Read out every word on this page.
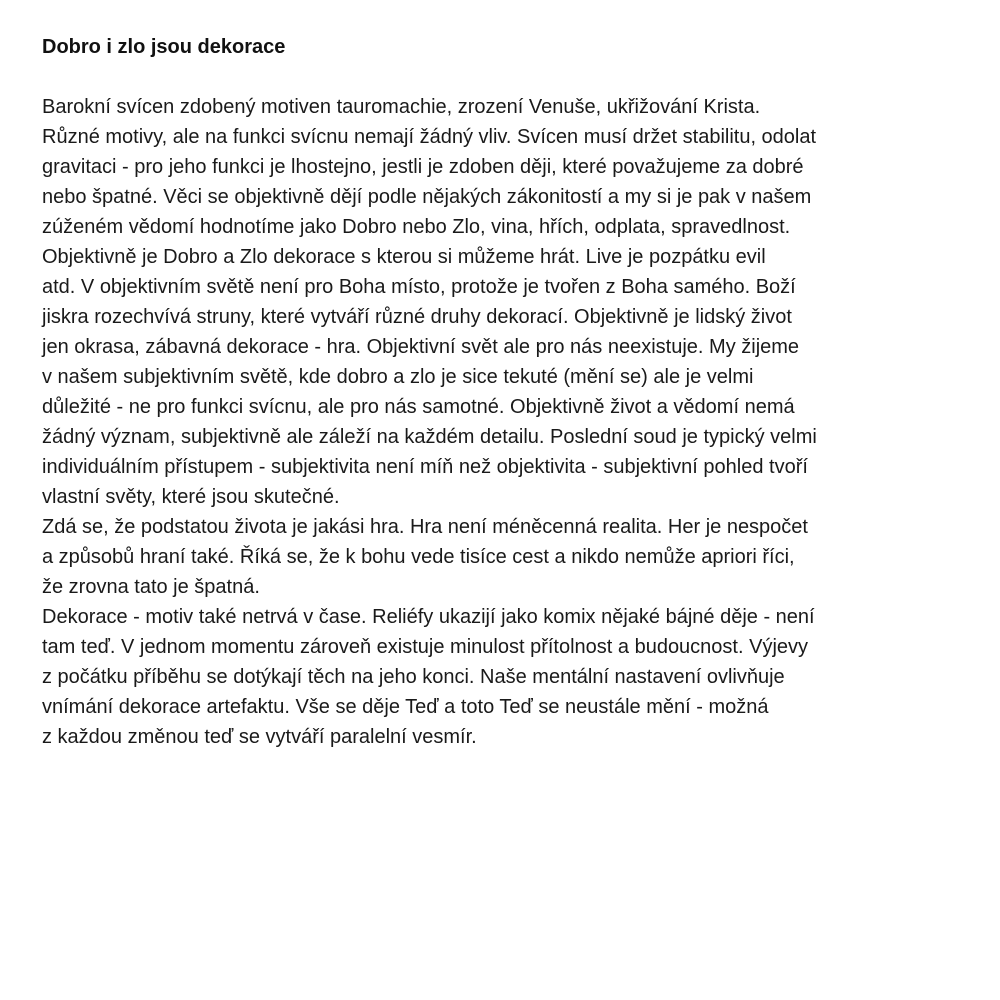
Dobro i zlo jsou dekorace

Barokní svícen zdobený motiven tauromachie, zrození Venuše, ukřižování Krista.
Různé motivy, ale na funkci svícnu nemají žádný vliv. Svícen musí držet stabilitu, odolat
gravitaci - pro jeho funkci je lhostejno, jestli je zdoben ději, které považujeme za dobré
nebo špatné. Věci se objektivně dějí podle nějakých zákonitostí a my si je pak v našem
zúženém vědomí hodnotíme jako Dobro nebo Zlo, vina, hřích, odplata, spravedlnost.
Objektivně je Dobro a Zlo dekorace s kterou si můžeme hrát. Live je pozpátku evil
atd. V objektivním světě není pro Boha místo, protože je tvořen z Boha samého. Boží
jiskra rozechvívá struny, které vytváří různé druhy dekorací. Objektivně je lidský život
jen okrasa, zábavná dekorace - hra. Objektivní svět ale pro nás neexistuje. My žijeme
v našem subjektivním světě, kde dobro a zlo je sice tekuté (mění se) ale je velmi
důležité - ne pro funkci svícnu, ale pro nás samotné. Objektivně život a vědomí nemá
žádný význam, subjektivně ale záleží na každém detailu. Poslední soud je typický velmi
individuálním přístupem - subjektivita není míň než objektivita - subjektivní pohled tvoří
vlastní světy, které jsou skutečné.

Zdá se, že podstatou života je jakási hra. Hra není méněcenná realita. Her je nespočet
a způsobů hraní také. Říká se, že k bohu vede tisíce cest a nikdo nemůže apriori říci,
že zrovna tato je špatná.

Dekorace - motiv také netrvá v čase. Reliéfy ukazijí jako komix nějaké bájné děje - není
tam teď. V jednom momentu zároveň existuje minulost přítolnost a budoucnost. Výjevy
z počátku příběhu se dotýkají těch na jeho konci. Naše mentální nastavení ovlivňuje
vnímání dekorace artefaktu. Vše se děje Teď a toto Teď se neustále mění - možná
z každou změnou teď se vytváří paralelní vesmír.
